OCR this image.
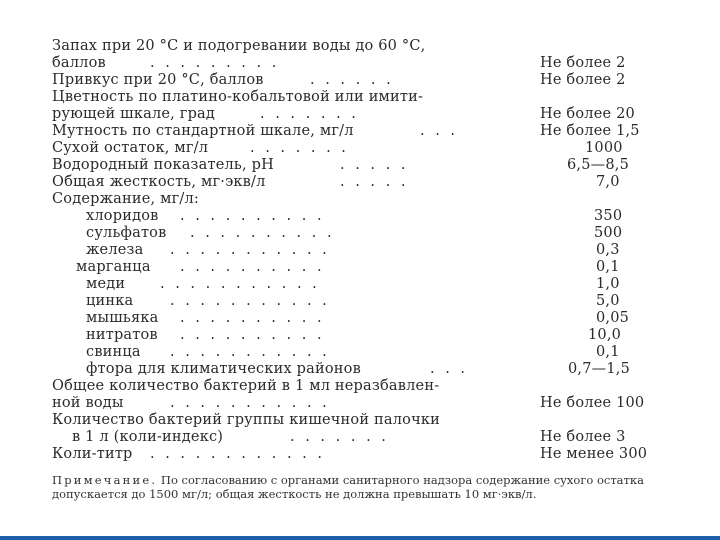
Запах при 20 °С и подогревании воды до 60 °С,
баллов	. . . . . . . . .	Не более 2
Привкус при 20 °С, баллов	. . . . . .	Не более 2
Цветность по платино-кобальтовой или имити-
рующей шкале, град	. . . . . . .	Не более 20
Мутность по стандартной шкале, мг/л	. . .	Не более 1,5
Сухой остаток, мг/л	. . . . . . .	1000
Водородный показатель, pH	. . . . .	6,5—8,5
Общая жесткость, мг·экв/л	. . . . .	7,0
Содержание, мг/л:
хлоридов . . . . . . . . . .	350
сульфатов . . . . . . . . . .	500
железа . . . . . . . . . . .	0,3
марганца . . . . . . . . . .	0,1
меди . . . . . . . . . . .	1,0
цинка	. . . . . . . . . . .	5,0
мышьяка . . . . . . . . . .	0,05
нитратов . . . . . . . . . .	10,0
свинца . . . . . . . . . . .	0,1
фтора для климатических районов	. . .	0,7—1,5
Общее количество бактерий в 1 мл неразбавлен-
ной воды	. . . . . . . . . . .	Не более 100
Количество бактерий группы кишечной палочки
в 1 л (коли-индекс)	. . . . . . .	Не более 3
Коли-титр . . . . . . . . . . . .	Не менее 300
Примечание. По согласованию с органами санитарного надзора содержание сухого остатка допускается до 1500 мг/л; общая жесткость не должна превышать 10 мг·экв/л.
